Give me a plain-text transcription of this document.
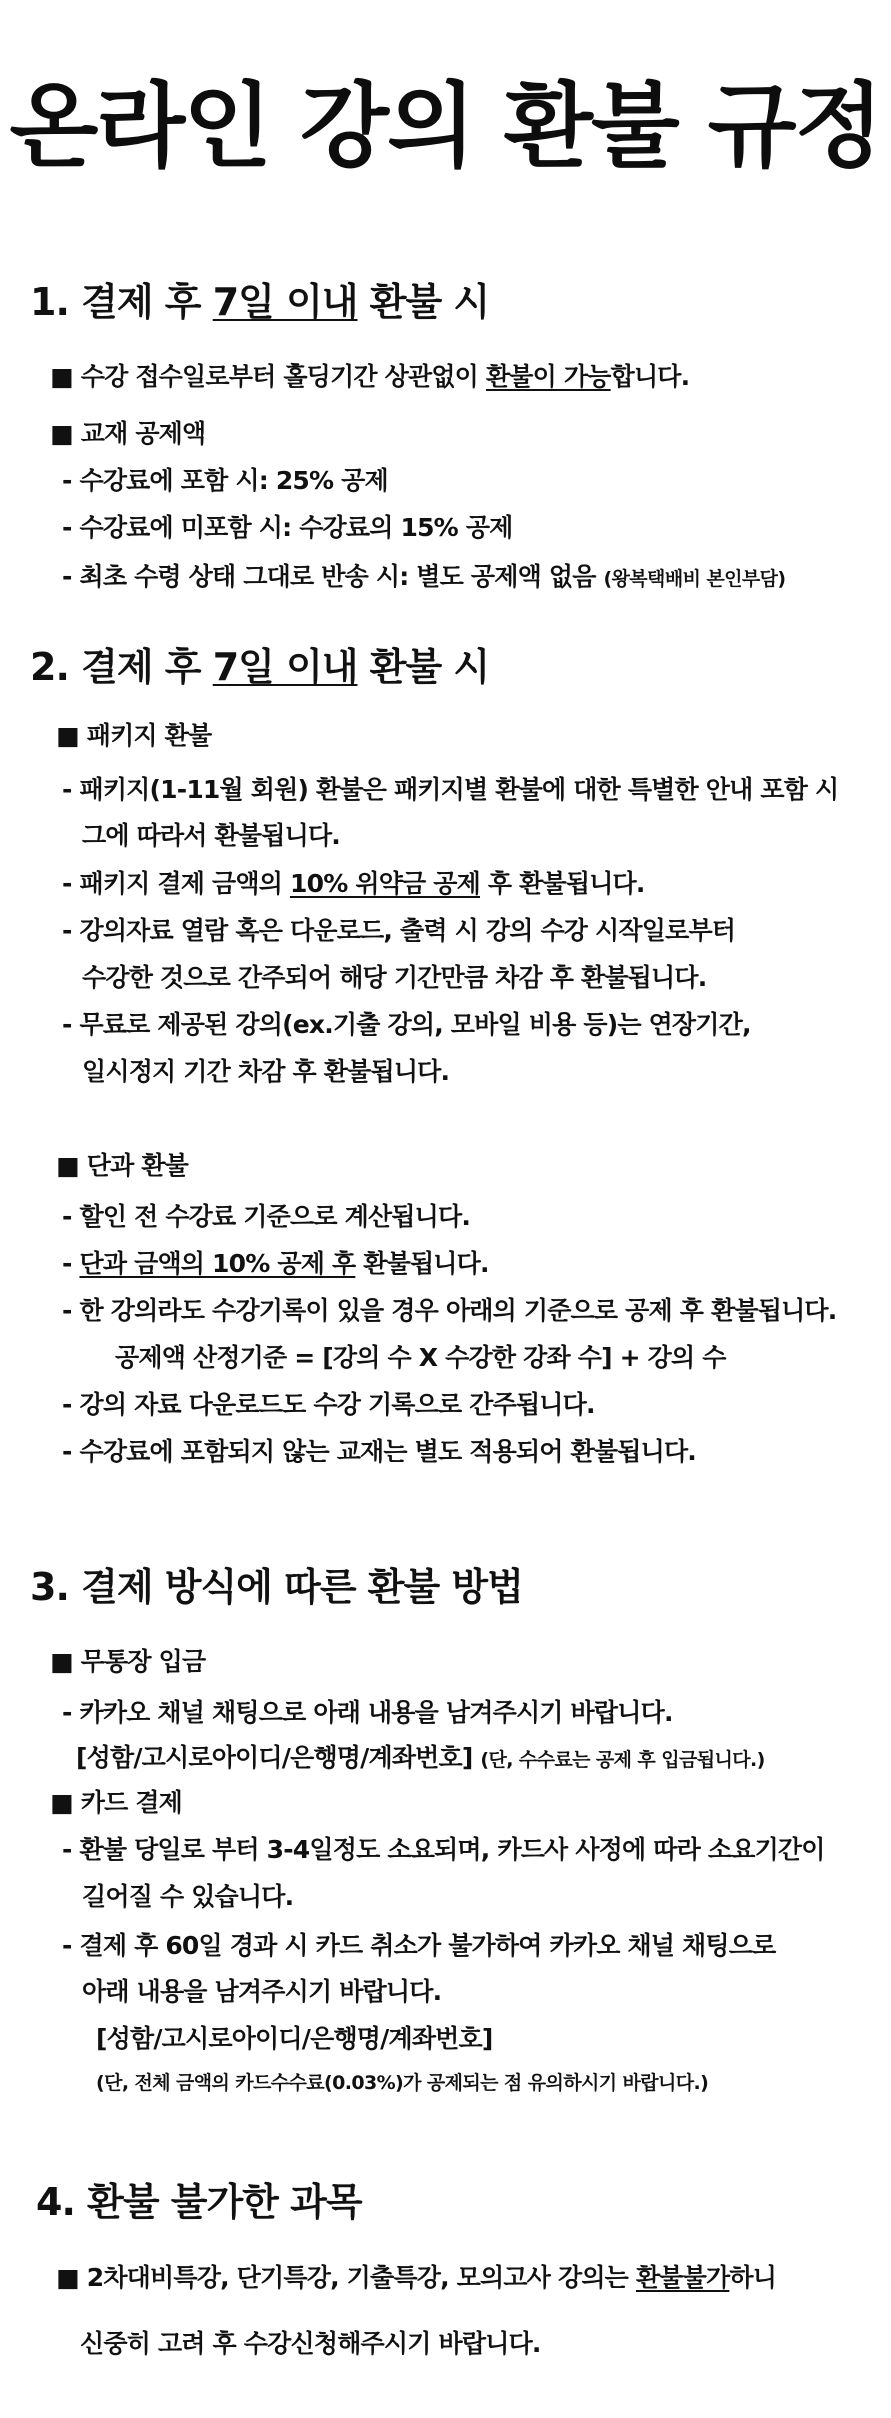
온라인 강의 환불 규정
1. 결제 후 7일 이내 환불 시
■ 수강 접수일로부터 홀딩기간 상관없이 환불이 가능합니다.
■ 교재 공제액
- 수강료에 포함 시: 25% 공제
- 수강료에 미포함 시: 수강료의 15% 공제
- 최초 수령 상태 그대로 반송 시: 별도 공제액 없음 (왕복택배비 본인부담)
2. 결제 후 7일 이내 환불 시
■ 패키지 환불
- 패키지(1-11월 회원) 환불은 패키지별 환불에 대한 특별한 안내 포함 시
그에 따라서 환불됩니다.
- 패키지 결제 금액의 10% 위약금 공제 후 환불됩니다.
- 강의자료 열람 혹은 다운로드, 출력 시 강의 수강 시작일로부터
수강한 것으로 간주되어 해당 기간만큼 차감 후 환불됩니다.
- 무료로 제공된 강의(ex.기출 강의, 모바일 비용 등)는 연장기간,
일시정지 기간 차감 후 환불됩니다.
■ 단과 환불
- 할인 전 수강료 기준으로 계산됩니다.
- 단과 금액의 10% 공제 후 환불됩니다.
- 한 강의라도 수강기록이 있을 경우 아래의 기준으로 공제 후 환불됩니다.
공제액 산정기준 = [강의 수 X 수강한 강좌 수] + 강의 수
- 강의 자료 다운로드도 수강 기록으로 간주됩니다.
- 수강료에 포함되지 않는 교재는 별도 적용되어 환불됩니다.
3. 결제 방식에 따른 환불 방법
■ 무통장 입금
- 카카오 채널 채팅으로 아래 내용을 남겨주시기 바랍니다.
[성함/고시로아이디/은행명/계좌번호] (단, 수수료는 공제 후 입금됩니다.)
■ 카드 결제
- 환불 당일로 부터 3-4일정도 소요되며, 카드사 사정에 따라 소요기간이
길어질 수 있습니다.
- 결제 후 60일 경과 시 카드 취소가 불가하여 카카오 채널 채팅으로
아래 내용을 남겨주시기 바랍니다.
[성함/고시로아이디/은행명/계좌번호]
(단, 전체 금액의 카드수수료(0.03%)가 공제되는 점 유의하시기 바랍니다.)
4. 환불 불가한 과목
■ 2차대비특강, 단기특강, 기출특강, 모의고사 강의는 환불불가하니
신중히 고려 후 수강신청해주시기 바랍니다.
